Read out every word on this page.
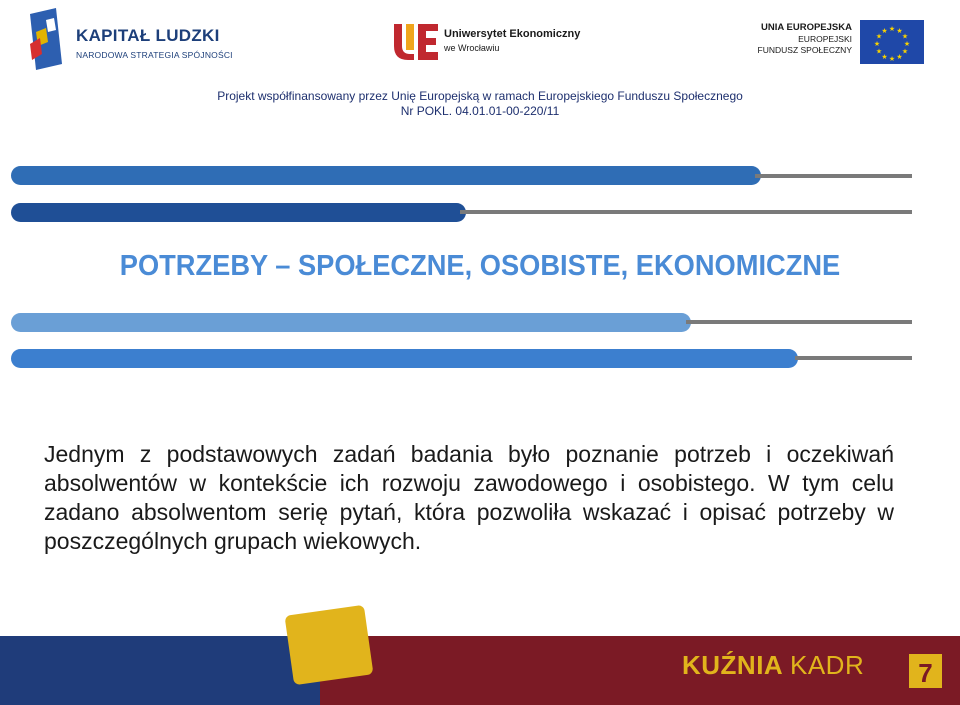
KAPITAŁ LUDZKI
NARODOWA STRATEGIA SPÓJNOŚCI
Uniwersytet Ekonomiczny
we Wrocławiu
UNIA EUROPEJSKA
EUROPEJSKI
FUNDUSZ SPOŁECZNY
★ ★
★
★
★
★
★
★
★
★
★
★
Projekt współfinansowany przez Unię Europejską w ramach Europejskiego Funduszu Społecznego
Nr POKL. 04.01.01-00-220/11
POTRZEBY – SPOŁECZNE, OSOBISTE, EKONOMICZNE
Jednym z podstawowych zadań badania było poznanie potrzeb i oczekiwań absolwentów w kontekście ich rozwoju zawodowego i osobistego. W tym celu zadano absolwentom serię pytań, która pozwoliła wskazać i opisać potrzeby w poszczególnych grupach wiekowych.
KUŹNIA KADR	7
